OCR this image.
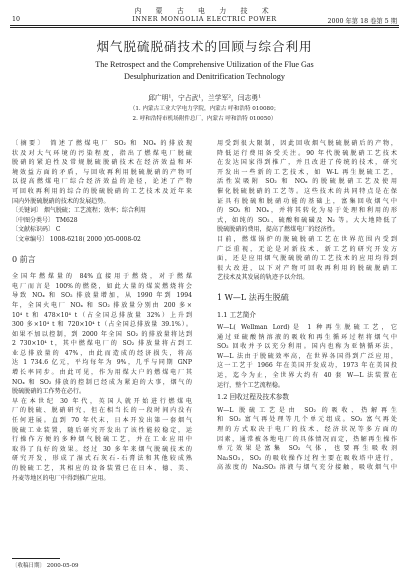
内 蒙 古 电 力 技 术
10	INNER MONGOLIA ELECTRIC POWER	2000 年第 18 卷第 5 期
烟气脱硫脱硝技术的回顾与综合利用
The Retrospect and the Comprehensive Utilization of the Flue Gas
Desulphurization and Denitrification Technology
邱广明¹，宁占武¹，兰学军²，闫志勇¹
（1. 内蒙古工业大学电力学院，内蒙古 呼和浩特 010080；
2. 呼和浩特市机场附件总厂，内蒙古 呼和浩特 010050）

〔摘要〕 简述了燃煤电厂 SO₂ 和 NOₓ 的排放现

状及对大气环境的污染程度，指出了燃煤电厂脱硫

脱硝的紧迫性及常规脱硫脱硝技术在经济效益和环

境效益方面的矛盾，与回收再利用脱硫脱硝的产物可

以提高燃煤电厂综合经济效益的途径，论述了产物

可回收再利用的综合的脱硫脱硝的工艺技术及近年来

国内外脱硫脱硝的技术的发展趋势。

〔关键词〕 烟气脱硫；工艺流程；效率；综合利用
〔中图分类号〕 TM628
〔文献标识码〕 C
〔文章编号〕 1008-6218( 2000 )05-0008-02
0 前言

全国年燃煤量的 84%直接用于燃烧，对于燃煤

电厂而言是 100%的燃烧，如此大量的煤炭燃烧将会

导致 NOₓ 和 SO₂ 排放量增加，从 1990 年到 1994

年，全国火电厂 NOₓ 和 SO₂ 排放量分别由 200 多×

10⁴ t 和 478×10⁴ t（占全国总排放量 32%）上升到

300 多×10⁴ t 和 720×10⁴ t（占全国总排放量 39.1%）。

如果不加以控制，到 2000 年全国 SO₂ 的排放量将达到

2 730×10⁴ t，其中燃煤电厂的 SO₂ 排放量将占到工

业总排放量的 47%，由此而造成的经济损失，将高

达 1 734.6 亿元，平均每年为 9%，几乎与同期 GNP

增长率同步。由此可见，作为用煤大户的燃煤电厂其

NOₓ 和 SO₂ 排放的控制已经成为紧迫的大事，烟气的

脱硫脱硝的工作势在必行。

早在本世纪 30 年代，英国人就开始进行燃煤电

厂的脱硫、脱硝研究，但在相当长的一段时间内没有

任何进展。直到 70 年代末，日本开发出第一套烟气

脱硫工业装置，随后研究开发出了该性能较稳定，运

行操作方便的多种烟气脱硫工艺，并在工业应用中

取得了良好的效果。经过 30 多年来烟气脱硫技术的

研究开发，形成了湿式石灰石-石膏法和其他较成熟

的脱硫工艺，其相应的设备装置已在日本、德、美、

丹麦等地区的电厂中得到推广应用。

用受到很大限制，因此回收烟气脱硫脱硝后的产物，

降低运行费用备受关注。90 年代脱硫脱硝工艺技术

在发达国家得到推广，并且改进了传统的技术，研究

开发出一些新的工艺技术，如 W-L 再生脱硫工艺，

活性炭吸附 SO₂ 和 NOₓ 的脱硫脱硝工艺及使用

催化脱硫脱硝的工艺等。这些技术的共同特点是在保

证具有脱硫和脱硝功能的基础上，富集回收烟气中

的 SO₂ 和 NOₓ，并将其转化为易于处理和利用的形

式，如纯的 SO₂、硫酸和硫磺及 N₂ 等。大大地降低了

脱硫脱硝的费用，提高了燃煤电厂的经济性。

目前，燃煤锅炉的脱硫脱硝工艺在世界范围内受到

广泛重视，无论是对新技术、新工艺的研究开发方

面，还是应用烟气脱硫脱硝的工艺技术的应用均得到

很大改进，以下对产物可回收再利用的脱硫脱硝工

艺技术及其发展的轨迹予以介绍。

1 W—L 法再生脱硫
1.1 工艺简介

W—L( Wellman Lord)是 1 种再生脱硫工艺，它

通过亚硫酸钠溶液的吸收和再生循环过程将烟气中

SO₂ 回收并予以充分利用。国内也称为亚钠循环法，

W—L 法由于脱硫效率高，在世界各国得到广泛应用，

这一工艺于 1966 年在美国开发成功，1973 年在美国投

运，迄今为止，全世界大约有 40 套 W—L 法装置在

运行，整个工艺流程稳。

1.2 回收过程及技术参数

W—L 脱硫工艺是由 SO₂ 的吸收、热解再生

和 SO₂ 富气再处理等几个单元组成。SO₂ 富气再处

理的方式取决于电厂的技术、经济状况等多方面的

因素，通常被各地电厂的具体情况而定，热解再生操作

单元效果是富集 SO₂ 气体，也要再生吸收剂

Na₂SO₃，SO₂ 的吸收操作过程主要在吸收塔中进行，

高浓度的 Na₂SO₃ 溶液与烟气充分接触，吸收烟气中

〔收稿日期〕 2000-05-09
